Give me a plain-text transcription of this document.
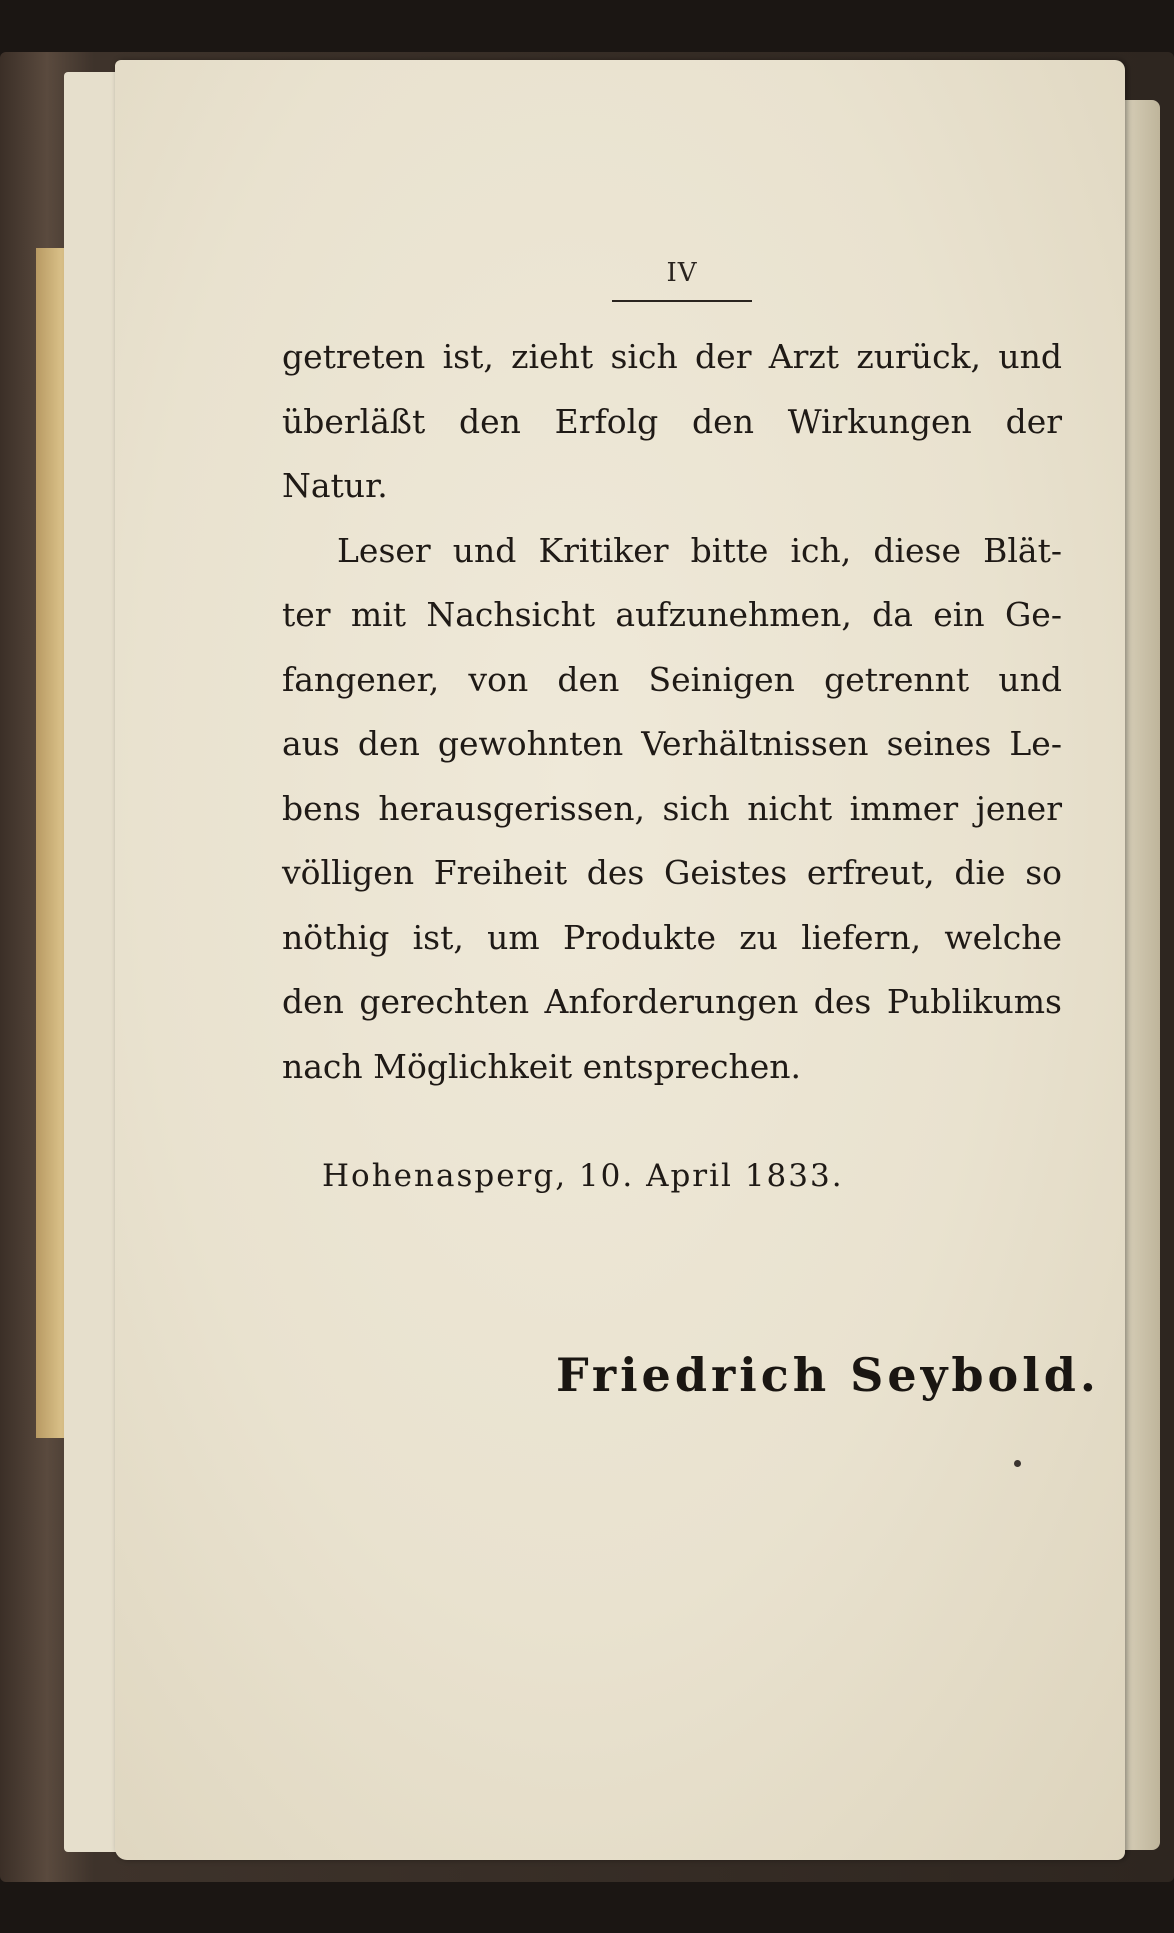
IV
getreten ist, zieht sich der Arzt zurück, und
überläßt den Erfolg den Wirkungen der
Natur.
Leser und Kritiker bitte ich, diese Blät-
ter mit Nachsicht aufzunehmen, da ein Ge-
fangener, von den Seinigen getrennt und
aus den gewohnten Verhältnissen seines Le-
bens herausgerissen, sich nicht immer jener
völligen Freiheit des Geistes erfreut, die so
nöthig ist, um Produkte zu liefern, welche
den gerechten Anforderungen des Publikums
nach Möglichkeit entsprechen.
Hohenasperg, 10. April 1833.
Friedrich Seybold.
